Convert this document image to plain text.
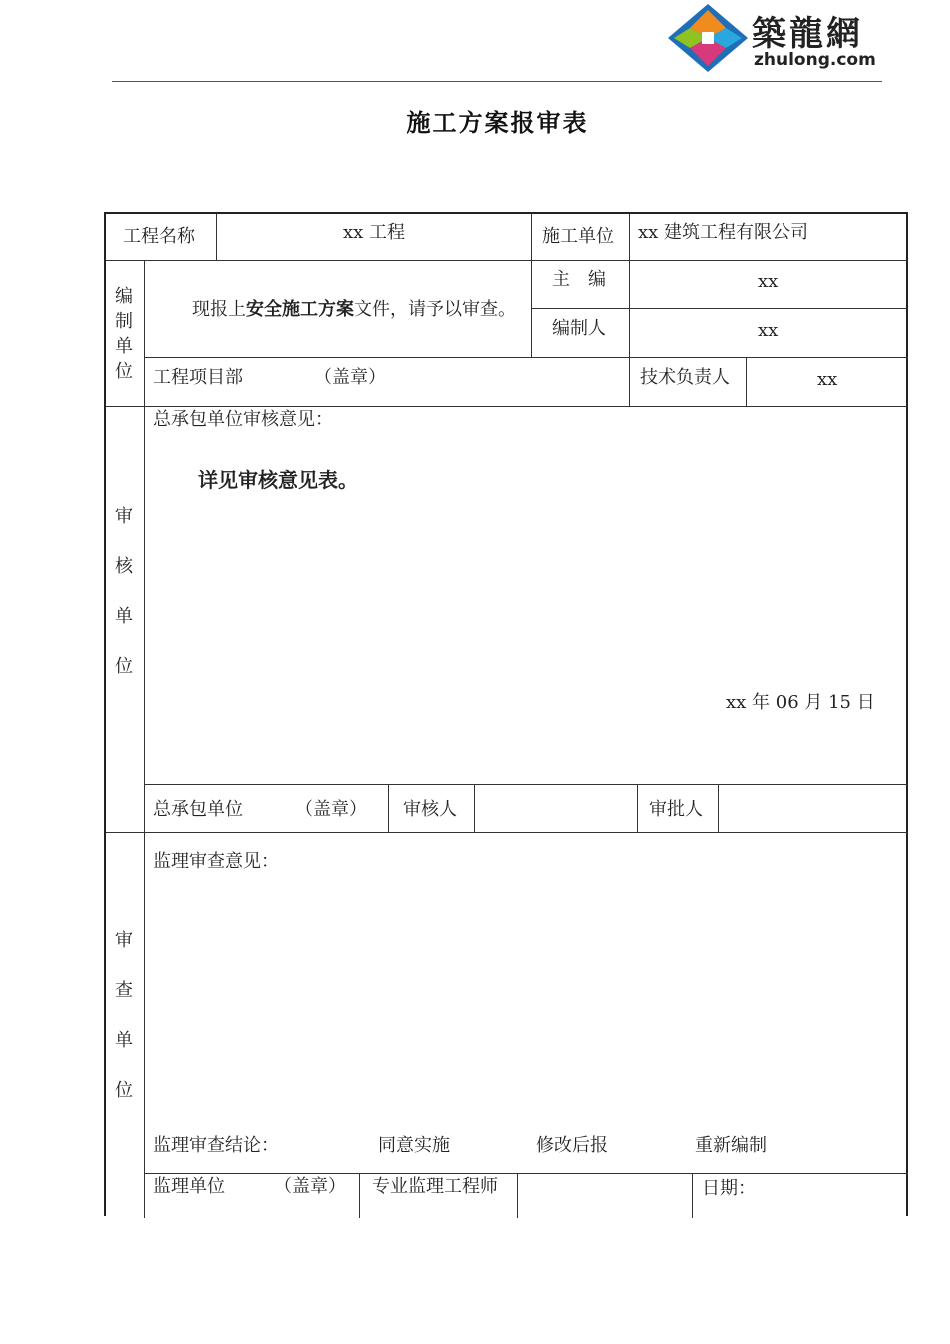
築龍網
zhulong.com
施工方案报审表
工程名称	xx 工程	施工单位 xx 建筑工程有限公司
编
制
单
位
现报上安全施工方案文件，请予以审查。
主　编	xx
编制人	xx
工程项目部	（盖章）	技术负责人	xx
审
核
单
位
总承包单位审核意见：
详见审核意见表。
xx 年 06 月 15 日
总承包单位	（盖章） 审核人	审批人
审
查
单
位
监理审查意见：
监理审查结论：	同意实施	修改后报	重新编制
监理单位	（盖章） 专业监理工程师	日期：
